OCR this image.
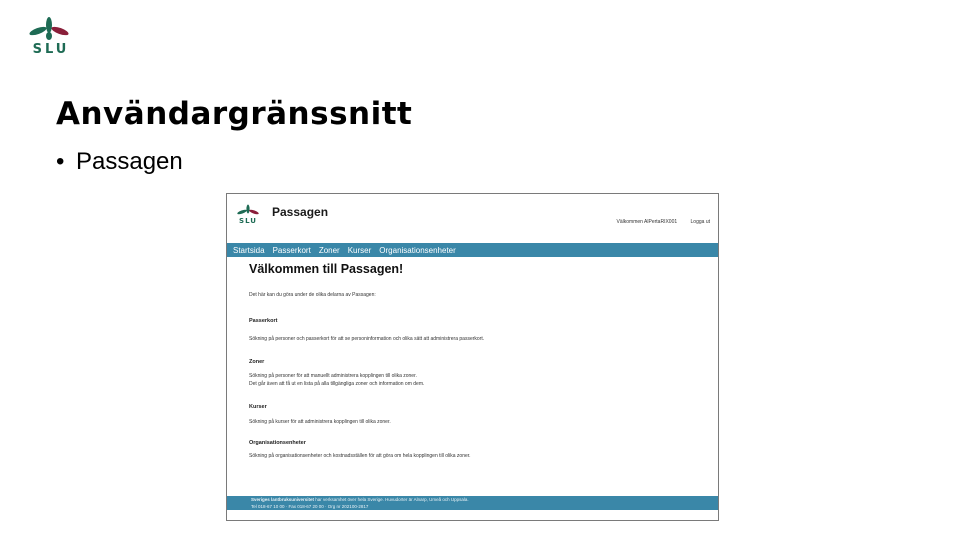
SLU
Användargränssnitt
• Passagen
SLU
Passagen
Välkommen AlPertaRIX001	Logga ut
Startsida Passerkort Zoner Kurser Organisationsenheter
Välkommen till Passagen!
Det här kan du göra under de olika delarna av Passagen:
Passerkort
Sökning på personer och passerkort för att se personinformation och olika sätt att administrera passerkort.
Zoner
Sökning på personer för att manuellt administrera kopplingen till olika zoner.
Det går även att få ut en lista på alla tillgängliga zoner och information om dem.
Kurser
Sökning på kurser för att administrera kopplingen till olika zoner.
Organisationsenheter
Sökning på organisationsenheter och kostnadsställen för att göra om hela kopplingen till olika zoner.
Sveriges lantbruksuniversitet har verksamhet över hela Sverige. Huvudorter är Alnarp, Umeå och Uppsala.
Tel 018-67 10 00 · Fax 018-67 20 00 · Org nr 202100-2817
